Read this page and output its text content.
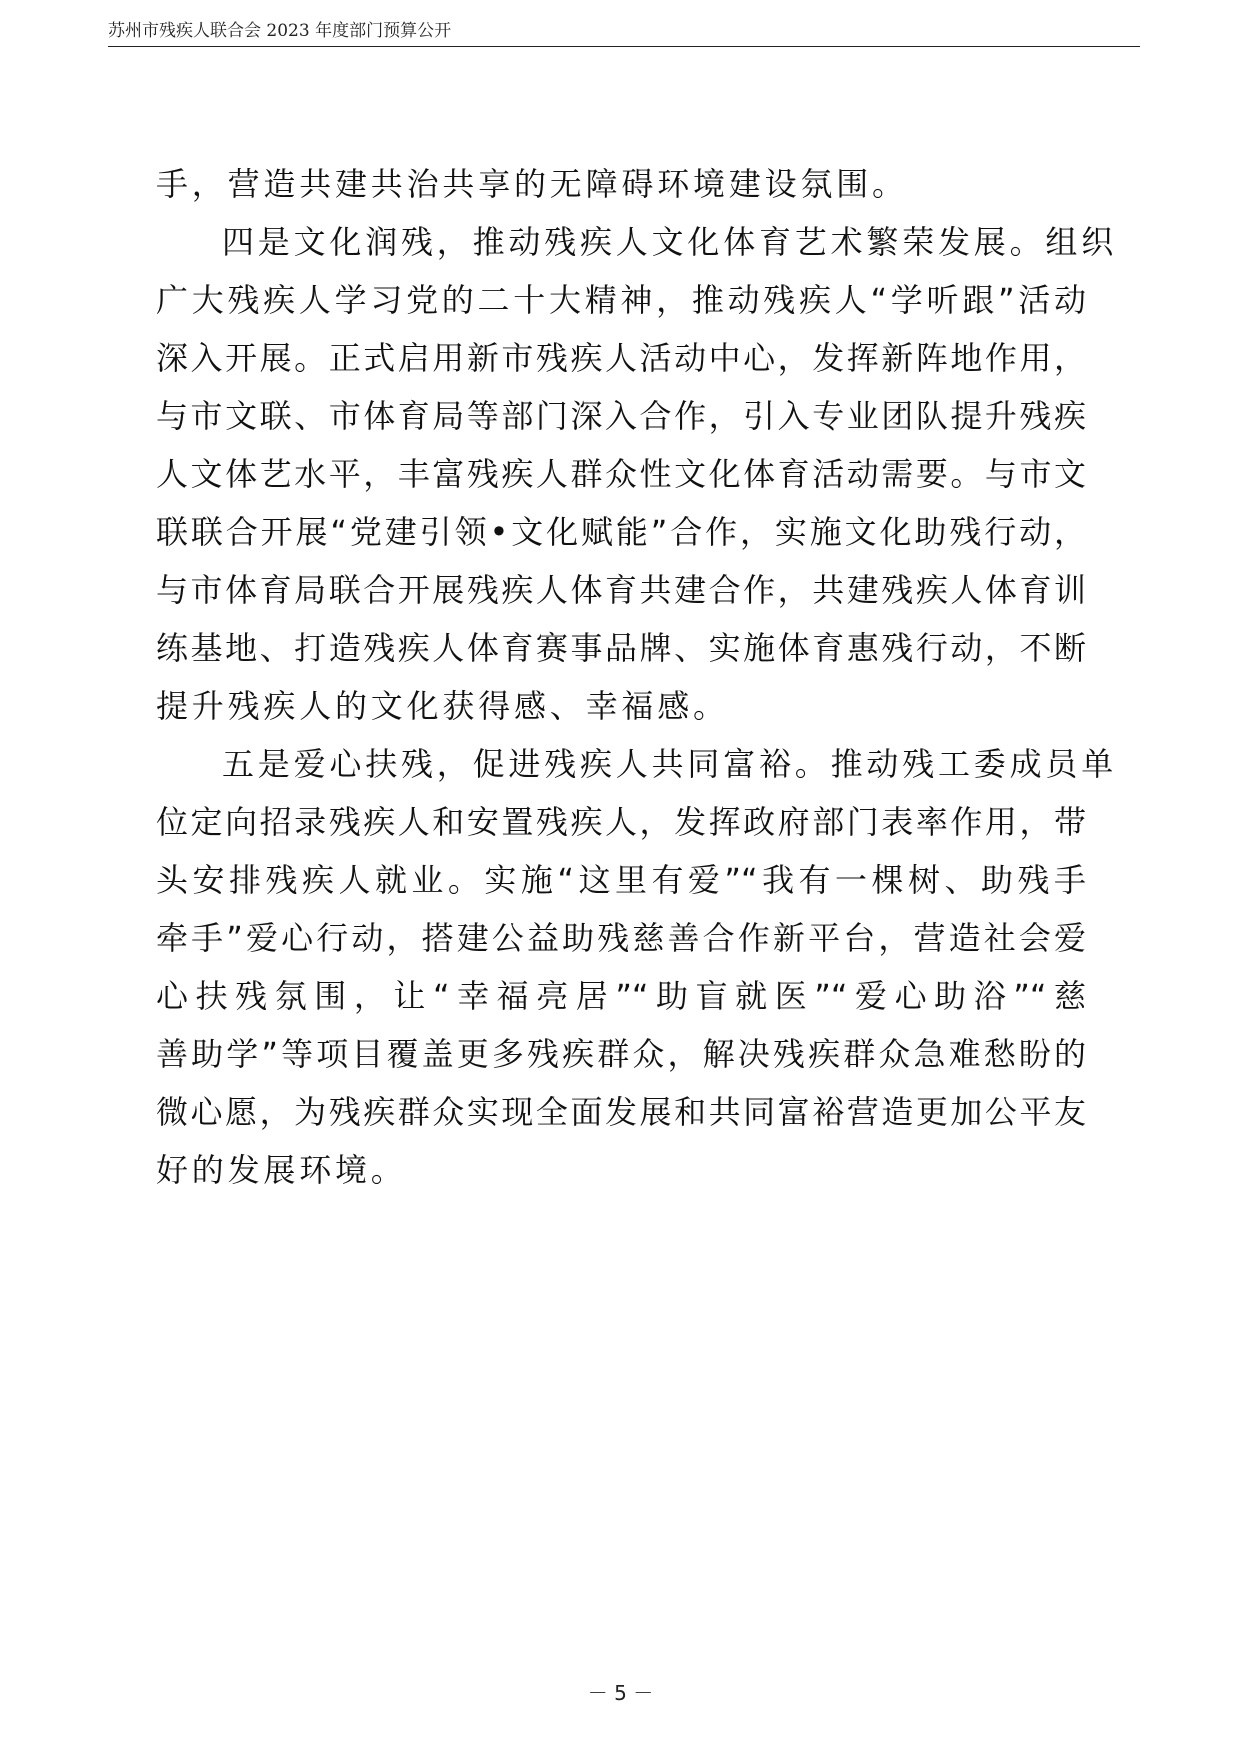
苏州市残疾人联合会 2023 年度部门预算公开
手，营造共建共治共享的无障碍环境建设氛围。
四是文化润残，推动残疾人文化体育艺术繁荣发展。组织
广大残疾人学习党的二十大精神，推动残疾人“学听跟”活动
深入开展。正式启用新市残疾人活动中心，发挥新阵地作用，
与市文联、市体育局等部门深入合作，引入专业团队提升残疾
人文体艺水平，丰富残疾人群众性文化体育活动需要。与市文
联联合开展“党建引领•文化赋能”合作，实施文化助残行动，
与市体育局联合开展残疾人体育共建合作，共建残疾人体育训
练基地、打造残疾人体育赛事品牌、实施体育惠残行动，不断
提升残疾人的文化获得感、幸福感。
五是爱心扶残，促进残疾人共同富裕。推动残工委成员单
位定向招录残疾人和安置残疾人，发挥政府部门表率作用，带
头安排残疾人就业。实施“这里有爱”“我有一棵树、助残手
牵手”爱心行动，搭建公益助残慈善合作新平台，营造社会爱
心扶残氛围，让“幸福亮居”“助盲就医”“爱心助浴”“慈
善助学”等项目覆盖更多残疾群众，解决残疾群众急难愁盼的
微心愿，为残疾群众实现全面发展和共同富裕营造更加公平友
好的发展环境。
－ 5 －
